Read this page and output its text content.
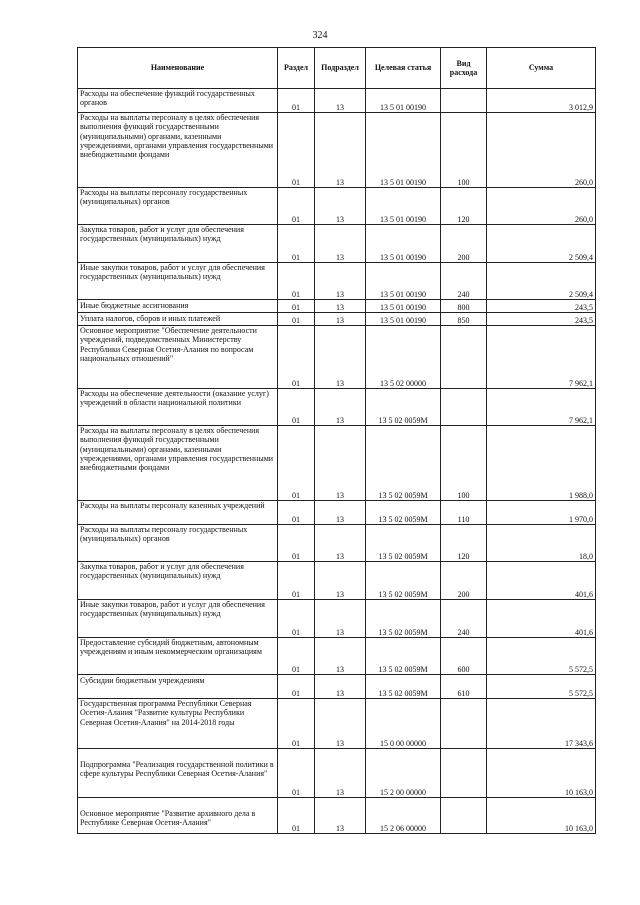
324
Наименование	Раздел	Подраздел	Целевая статья	Вид расхода	Сумма

Расходы на обеспечение функций государственных органов	01	13	13 5 01 00190		3 012,9

Расходы на выплаты персоналу в целях обеспечения выполнения функций государственными (муниципальными) органами, казенными учреждениями, органами управления государственными внебюджетными фондами	01	13	13 5 01 00190	100	260,0

Расходы на выплаты персоналу государственных (муниципальных) органов	01	13	13 5 01 00190	120	260,0

Закупка товаров, работ и услуг для обеспечения государственных (муниципальных) нужд	01	13	13 5 01 00190	200	2 509,4

Иные закупки товаров, работ и услуг для обеспечения государственных (муниципальных) нужд	01	13	13 5 01 00190	240	2 509,4

Иные бюджетные ассигнования	01	13	13 5 01 00190	800	243,5

Уплата налогов, сборов и иных платежей	01	13	13 5 01 00190	850	243,5

Основное мероприятие "Обеспечение деятельности учреждений, подведомственных Министерству Республики Северная Осетия-Алания по вопросам национальных отношений"	01	13	13 5 02 00000		7 962,1

Расходы на обеспечение деятельности (оказание услуг) учреждений в области национальной политики	01	13	13 5 02 0059М		7 962,1

Расходы на выплаты персоналу в целях обеспечения выполнения функций государственными (муниципальными) органами, казенными учреждениями, органами управления государственными внебюджетными фондами	01	13	13 5 02 0059М	100	1 988,0

Расходы на выплаты персоналу казенных учреждений	01	13	13 5 02 0059М	110	1 970,0

Расходы на выплаты персоналу государственных (муниципальных) органов	01	13	13 5 02 0059М	120	18,0

Закупка товаров, работ и услуг для обеспечения государственных (муниципальных) нужд	01	13	13 5 02 0059М	200	401,6

Иные закупки товаров, работ и услуг для обеспечения государственных (муниципальных) нужд	01	13	13 5 02 0059М	240	401,6

Предоставление субсидий бюджетным, автономным учреждениям и иным некоммерческим организациям	01	13	13 5 02 0059М	600	5 572,5

Субсидии бюджетным учреждениям	01	13	13 5 02 0059М	610	5 572,5

Государственная программа Республики Северная Осетия-Алания "Развитие культуры Республики Северная Осетия-Алания" на 2014-2018 годы	01	13	15 0 00 00000		17 343,6

Подпрограмма "Реализация государственной политики в сфере культуры Республики Северная Осетия-Алания"	01	13	15 2 00 00000		10 163,0

Основное мероприятие "Развитие архивного дела в Республике Северная Осетия-Алания"	01	13	15 2 06 00000		10 163,0
